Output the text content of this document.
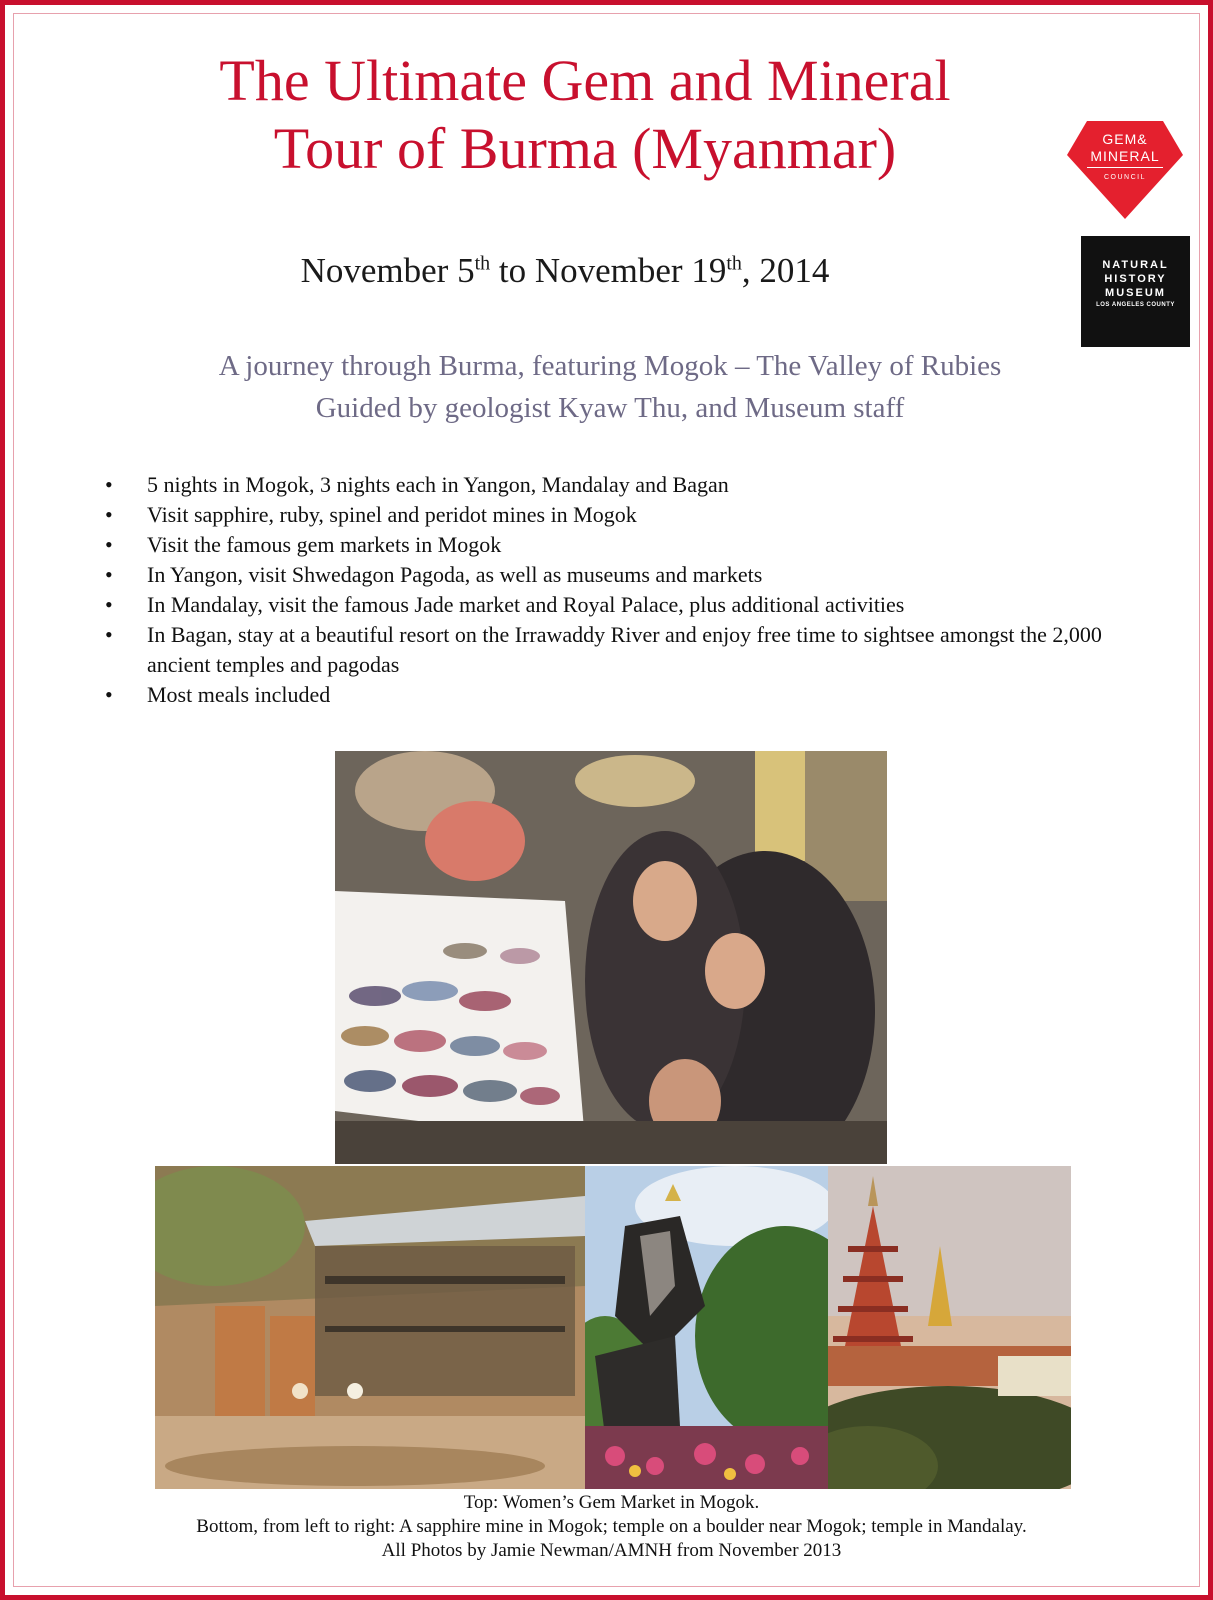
The Ultimate Gem and Mineral
Tour of Burma (Myanmar)	GEM&
MINERAL
COUNCIL
NATURAL
HISTORY
MUSEUM
LOS ANGELES COUNTY
November 5th to November 19th, 2014
A journey through Burma, featuring Mogok – The Valley of Rubies
Guided by geologist Kyaw Thu, and Museum staff
• 5 nights in Mogok, 3 nights each in Yangon, Mandalay and Bagan
• Visit sapphire, ruby, spinel and peridot mines in Mogok
• Visit the famous gem markets in Mogok
• In Yangon, visit Shwedagon Pagoda, as well as museums and markets
• In Mandalay, visit the famous Jade market and Royal Palace, plus additional activities
• In Bagan, stay at a beautiful resort on the Irrawaddy River and enjoy free time to sightsee amongst the 2,000 ancient temples and pagodas
• Most meals included
Top: Women’s Gem Market in Mogok.
Bottom, from left to right: A sapphire mine in Mogok; temple on a boulder near Mogok; temple in Mandalay.
All Photos by Jamie Newman/AMNH from November 2013
